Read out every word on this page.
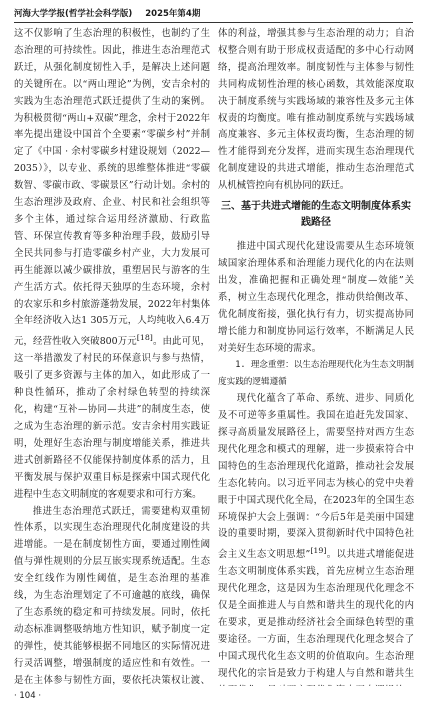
河海大学学报(哲学社会科学版) 2025年第4期

这不仅影响了生态治理的积极性，也制约了生态治理的可持续性。因此，推进生态治理范式跃迁，从强化制度韧性入手，是解决上述问题的关键所在。以“两山理论”为例，安吉余村的实践为生态治理范式跃迁提供了生动的案例。为积极贯彻“两山+双碳”理念，余村于2022年率先提出建设中国首个全要素“零碳乡村”并制定了《中国 · 余村零碳乡村建设规划（2022—2035）》，以专业、系统的思维整体推进“零碳数智、零碳市政、零碳景区”行动计划。余村的生态治理涉及政府、企业、村民和社会组织等多个主体，通过综合运用经济激励、行政监管、环保宣传教育等多种治理手段，鼓励引导全民共同参与打造零碳乡村产业，大力发展可再生能源以减少碳排放，重塑居民与游客的生产生活方式。依托得天独厚的生态环境，余村的农家乐和乡村旅游蓬勃发展，2022年村集体全年经济收入达1 305万元，人均纯收入6.4万元，经营性收入突破800万元[18]。由此可见，这一举措激发了村民的环保意识与参与热情，吸引了更多资源与主体的加入，如此形成了一种良性循环，推动了余村绿色转型的持续深化，构建“互补—协同—共进”的制度生态，使之成为生态治理的新示范。安吉余村用实践证明，处理好生态治理与制度增能关系，推进共进式创新路径不仅能保持制度体系的活力，且平衡发展与保护双重目标是探索中国式现代化进程中生态文明制度的客观要求和可行方案。

推进生态治理范式跃迁，需要建构双重韧性体系，以实现生态治理现代化制度建设的共进增能。一是在制度韧性方面，要通过刚性阈值与弹性规则的分层互嵌实现系统适配。生态安全红线作为刚性阈值，是生态治理的基准线，为生态治理划定了不可逾越的底线，确保了生态系统的稳定和可持续发展。同时，依托动态标准调整吸纳地方性知识，赋予制度一定的弹性，使其能够根据不同地区的实际情况进行灵活调整，增强制度的适应性和有效性。一是在主体参与韧性方面，要依托决策权让渡、

体的利益，增强其参与生态治理的动力；自治权整合则有助于形成权责适配的多中心行动网络，提高治理效率。制度韧性与主体参与韧性共同构成韧性治理的核心函数，其效能深度取决于制度系统与实践场域的兼容性及多元主体权责的均衡度。唯有推动制度系统与实践场域高度兼容、多元主体权责均衡，生态治理的韧性才能得到充分发挥，进而实现生态治理现代化制度建设的共进式增能，推动生态治理范式从机械管控向有机协同的跃迁。

三、基于共进式增能的生态文明制度体系实践路径

推进中国式现代化建设需要从生态环境领域国家治理体系和治理能力现代化的内在法则出发，准确把握和正确处理“制度—效能”关系，树立生态现代化理念，推动供给侧改革、优化制度衔接，强化执行有力，切实提高协同增长能力和制度协同运行效率，不断满足人民对美好生态环境的需求。

1. 理念重塑：以生态治理现代化为生态文明制度实践的逻辑遵循

现代化蕴含了革命、系统、进步、同质化及不可逆等多重属性。我国在追赶先发国家、探寻高质量发展路径上，需要坚持对西方生态现代化理念和模式的理解，进一步摸索符合中国特色的生态治理现代化道路，推动社会发展生态化转向。以习近平同志为核心的党中央着眼于中国式现代化全局，在2023年的全国生态环境保护大会上强调：“今后5年是美丽中国建设的重要时期，要深入贯彻新时代中国特色社会主义生态文明思想”[19]。以共进式增能促进生态文明制度体系实践，首先应树立生态治理现代化理念，这是因为生态治理现代化理念不仅是全面推进人与自然和谐共生的现代化的内在要求，更是推动经济社会全面绿色转型的重要途径。一方面，生态治理现代化理念契合了中国式现代化生态文明的价值取向。生态治理现代化的宗旨是致力于构建人与自然和谐共生

· 104 ·
